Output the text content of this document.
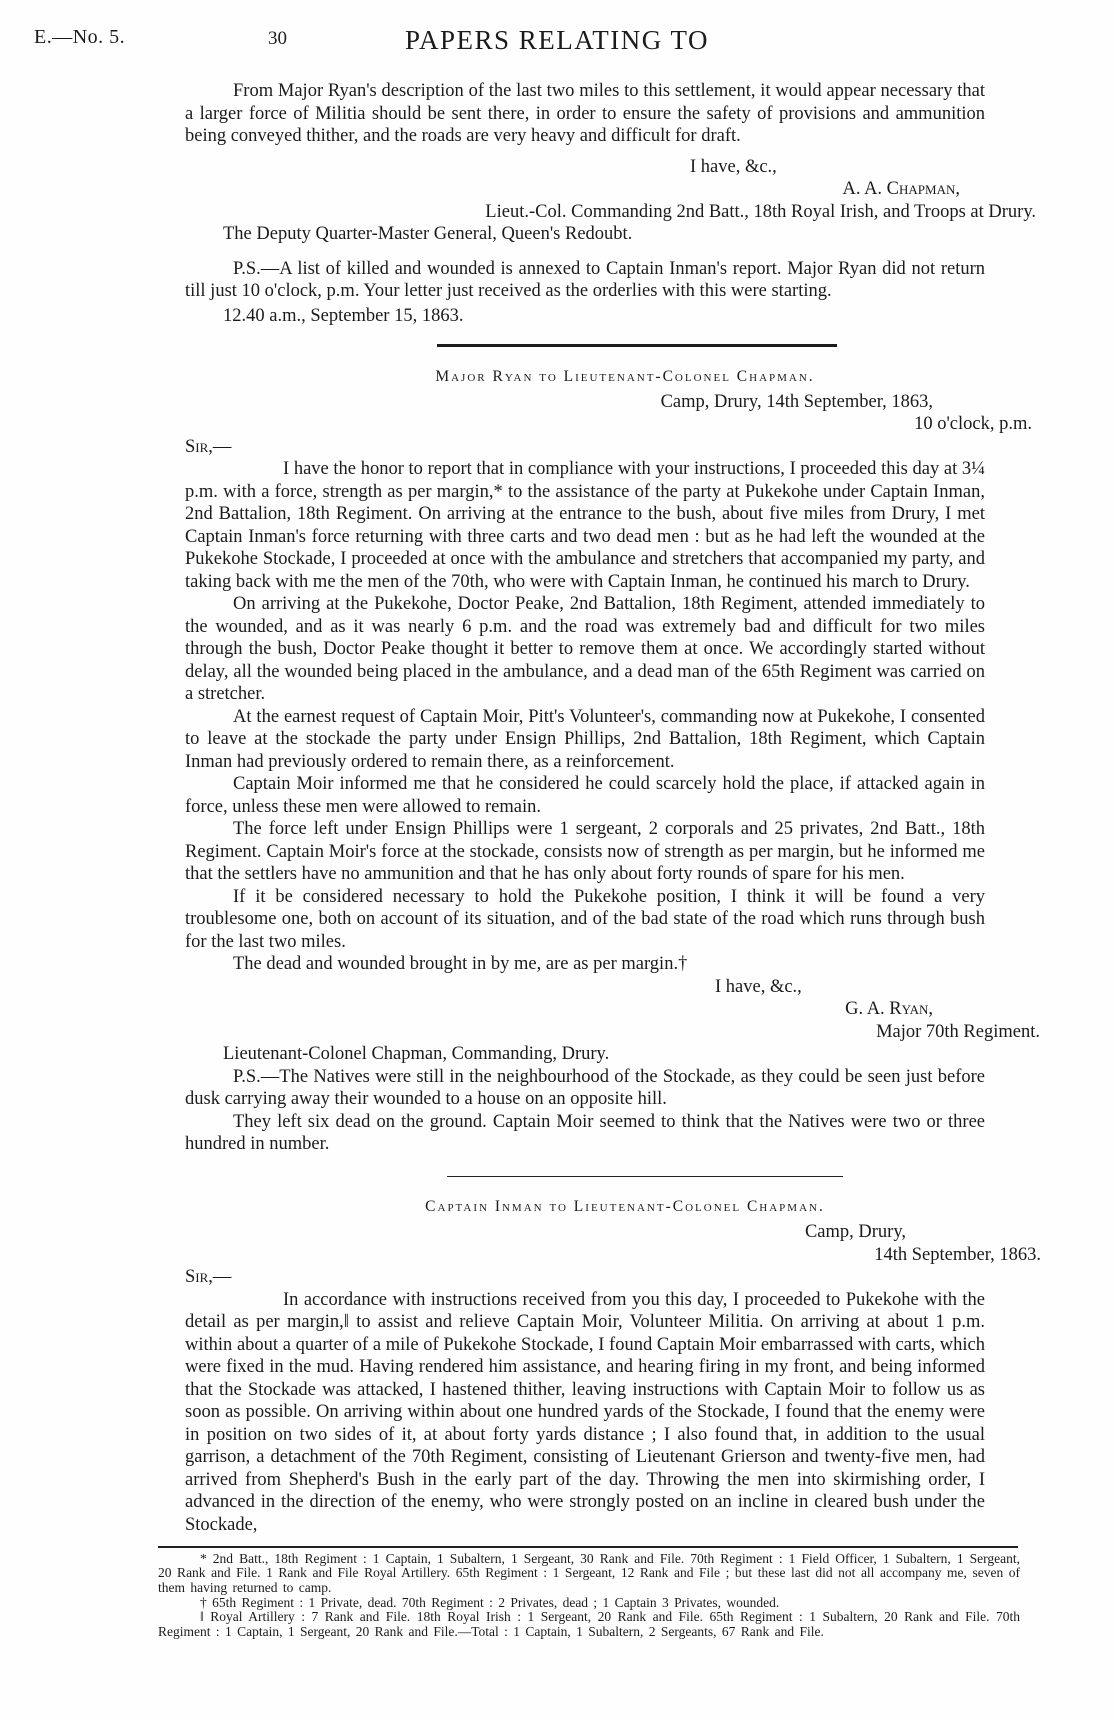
E.—No. 5.	30	PAPERS RELATING TO

From Major Ryan's description of the last two miles to this settlement, it would appear necessary that a larger force of Militia should be sent there, in order to ensure the safety of provisions and ammunition being conveyed thither, and the roads are very heavy and difficult for draft.

I have, &c.,
A. A. Chapman,
Lieut.-Col. Commanding 2nd Batt., 18th Royal Irish, and Troops at Drury.
The Deputy Quarter-Master General, Queen's Redoubt.

P.S.—A list of killed and wounded is annexed to Captain Inman's report. Major Ryan did not return till just 10 o'clock, p.m. Your letter just received as the orderlies with this were starting.

12.40 a.m., September 15, 1863.
Major Ryan to Lieutenant-Colonel Chapman.
Camp, Drury, 14th September, 1863,
10 o'clock, p.m.
Sir,—

I have the honor to report that in compliance with your instructions, I proceeded this day at 3¼ p.m. with a force, strength as per margin,* to the assistance of the party at Pukekohe under Captain Inman, 2nd Battalion, 18th Regiment. On arriving at the entrance to the bush, about five miles from Drury, I met Captain Inman's force returning with three carts and two dead men : but as he had left the wounded at the Pukekohe Stockade, I proceeded at once with the ambulance and stretchers that accompanied my party, and taking back with me the men of the 70th, who were with Captain Inman, he continued his march to Drury.

On arriving at the Pukekohe, Doctor Peake, 2nd Battalion, 18th Regiment, attended immediately to the wounded, and as it was nearly 6 p.m. and the road was extremely bad and difficult for two miles through the bush, Doctor Peake thought it better to remove them at once. We accordingly started without delay, all the wounded being placed in the ambulance, and a dead man of the 65th Regiment was carried on a stretcher.

At the earnest request of Captain Moir, Pitt's Volunteer's, commanding now at Pukekohe, I consented to leave at the stockade the party under Ensign Phillips, 2nd Battalion, 18th Regiment, which Captain Inman had previously ordered to remain there, as a reinforcement.

Captain Moir informed me that he considered he could scarcely hold the place, if attacked again in force, unless these men were allowed to remain.

The force left under Ensign Phillips were 1 sergeant, 2 corporals and 25 privates, 2nd Batt., 18th Regiment. Captain Moir's force at the stockade, consists now of strength as per margin, but he informed me that the settlers have no ammunition and that he has only about forty rounds of spare for his men.

If it be considered necessary to hold the Pukekohe position, I think it will be found a very troublesome one, both on account of its situation, and of the bad state of the road which runs through bush for the last two miles.

The dead and wounded brought in by me, are as per margin.†

I have, &c.,
G. A. Ryan,
Major 70th Regiment.
Lieutenant-Colonel Chapman, Commanding, Drury.

P.S.—The Natives were still in the neighbourhood of the Stockade, as they could be seen just before dusk carrying away their wounded to a house on an opposite hill.

They left six dead on the ground. Captain Moir seemed to think that the Natives were two or three hundred in number.

Captain Inman to Lieutenant-Colonel Chapman.
Camp, Drury,
14th September, 1863.
Sir,—

In accordance with instructions received from you this day, I proceeded to Pukekohe with the detail as per margin,‖ to assist and relieve Captain Moir, Volunteer Militia. On arriving at about 1 p.m. within about a quarter of a mile of Pukekohe Stockade, I found Captain Moir embarrassed with carts, which were fixed in the mud. Having rendered him assistance, and hearing firing in my front, and being informed that the Stockade was attacked, I hastened thither, leaving instructions with Captain Moir to follow us as soon as possible. On arriving within about one hundred yards of the Stockade, I found that the enemy were in position on two sides of it, at about forty yards distance ; I also found that, in addition to the usual garrison, a detachment of the 70th Regiment, consisting of Lieutenant Grierson and twenty-five men, had arrived from Shepherd's Bush in the early part of the day. Throwing the men into skirmishing order, I advanced in the direction of the enemy, who were strongly posted on an incline in cleared bush under the Stockade,

* 2nd Batt., 18th Regiment : 1 Captain, 1 Subaltern, 1 Sergeant, 30 Rank and File. 70th Regiment : 1 Field Officer, 1 Subaltern, 1 Sergeant, 20 Rank and File. 1 Rank and File Royal Artillery. 65th Regiment : 1 Sergeant, 12 Rank and File ; but these last did not all accompany me, seven of them having returned to camp.

† 65th Regiment : 1 Private, dead. 70th Regiment : 2 Privates, dead ; 1 Captain 3 Privates, wounded.

‖ Royal Artillery : 7 Rank and File. 18th Royal Irish : 1 Sergeant, 20 Rank and File. 65th Regiment : 1 Subaltern, 20 Rank and File. 70th Regiment : 1 Captain, 1 Sergeant, 20 Rank and File.—Total : 1 Captain, 1 Subaltern, 2 Sergeants, 67 Rank and File.
